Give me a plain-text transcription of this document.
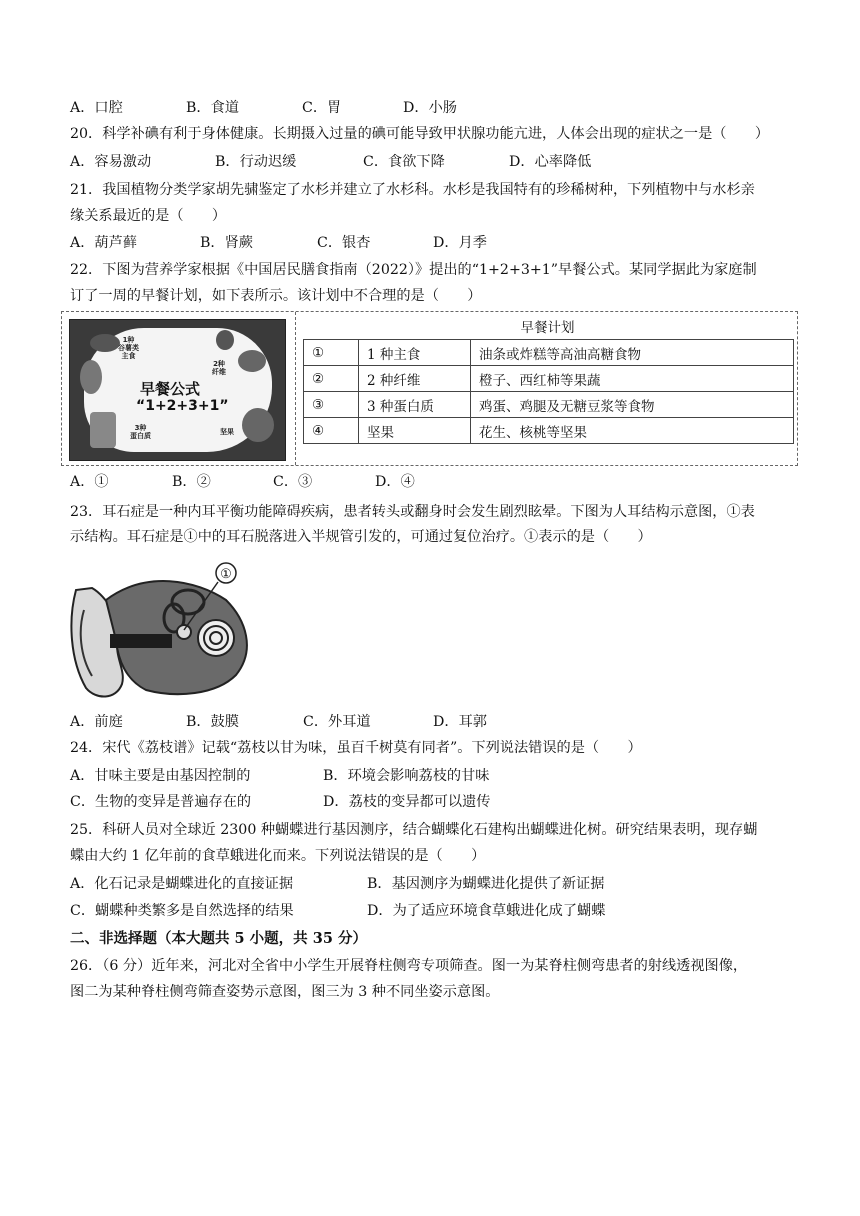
A．口腔	B．食道	C．胃	D．小肠
20．科学补碘有利于身体健康。长期摄入过量的碘可能导致甲状腺功能亢进，人体会出现的症状之一是（　　）
A．容易激动	B．行动迟缓	C．食欲下降	D．心率降低
21．我国植物分类学家胡先骕鉴定了水杉并建立了水杉科。水杉是我国特有的珍稀树种，下列植物中与水杉亲
缘关系最近的是（　　）
A．葫芦藓	B．肾蕨	C．银杏	D．月季
22．下图为营养学家根据《中国居民膳食指南（2022）》提出的“1+2+3+1”早餐公式。某同学据此为家庭制
订了一周的早餐计划，如下表所示。该计划中不合理的是（　　）
1种
谷薯类
主食
2种
纤维
3种
蛋白质	坚果
早餐公式
“1+2+3+1”
早餐计划
①	1 种主食	油条或炸糕等高油高糖食物
②	2 种纤维	橙子、西红柿等果蔬
③	3 种蛋白质	鸡蛋、鸡腿及无糖豆浆等食物
④	坚果	花生、核桃等坚果
A．①	B．②	C．③	D．④
23．耳石症是一种内耳平衡功能障碍疾病，患者转头或翻身时会发生剧烈眩晕。下图为人耳结构示意图，①表
示结构。耳石症是①中的耳石脱落进入半规管引发的，可通过复位治疗。①表示的是（　　）
①
A．前庭	B．鼓膜	C．外耳道	D．耳郭
24．宋代《荔枝谱》记载“荔枝以甘为味，虽百千树莫有同者”。下列说法错误的是（　　）
A．甘味主要是由基因控制的	B．环境会影响荔枝的甘味
C．生物的变异是普遍存在的	D．荔枝的变异都可以遗传
25．科研人员对全球近 2300 种蝴蝶进行基因测序，结合蝴蝶化石建构出蝴蝶进化树。研究结果表明，现存蝴
蝶由大约 1 亿年前的食草蛾进化而来。下列说法错误的是（　　）
A．化石记录是蝴蝶进化的直接证据	B．基因测序为蝴蝶进化提供了新证据
C．蝴蝶种类繁多是自然选择的结果	D．为了适应环境食草蛾进化成了蝴蝶
二、非选择题（本大题共 5 小题，共 35 分）
26．（6 分）近年来，河北对全省中小学生开展脊柱侧弯专项筛查。图一为某脊柱侧弯患者的射线透视图像，
图二为某种脊柱侧弯筛查姿势示意图，图三为 3 种不同坐姿示意图。
